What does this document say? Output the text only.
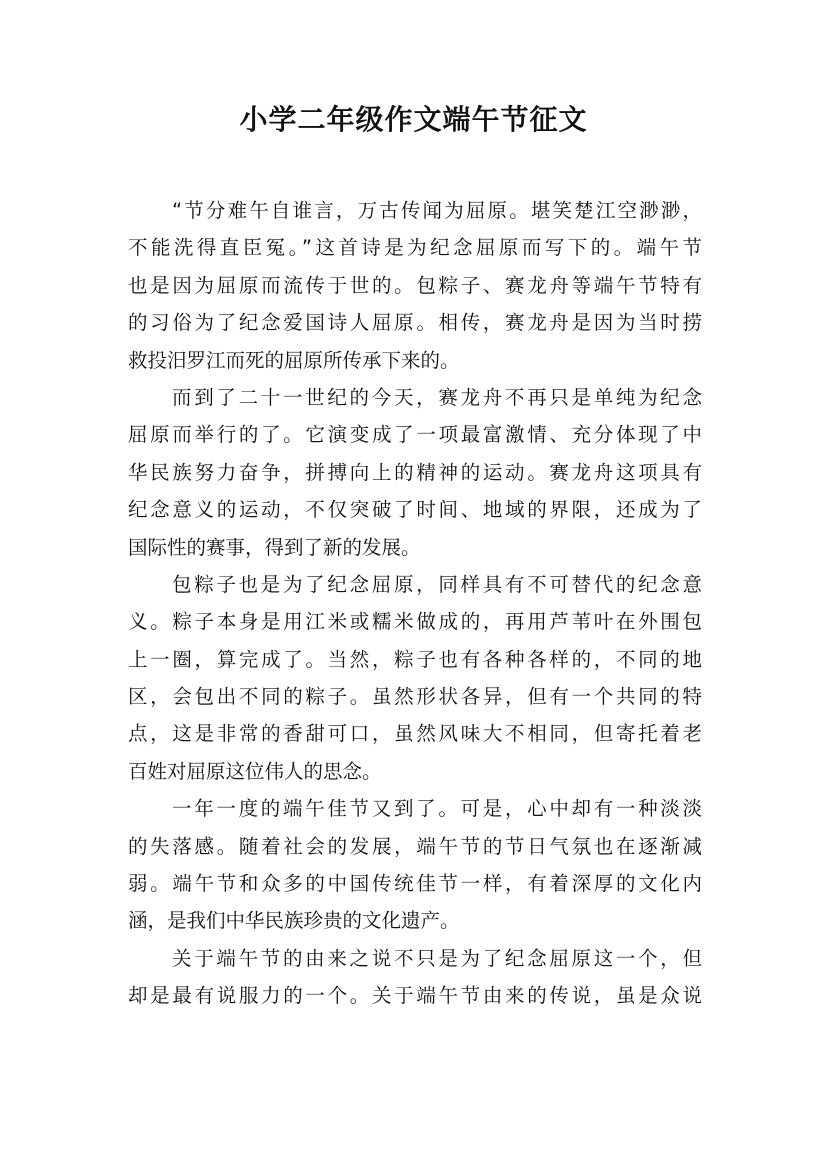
小学二年级作文端午节征文

“节分难午自谁言，万古传闻为屈原。堪笑楚江空渺渺，
不能洗得直臣冤。”这首诗是为纪念屈原而写下的。端午节
也是因为屈原而流传于世的。包粽子、赛龙舟等端午节特有
的习俗为了纪念爱国诗人屈原。相传，赛龙舟是因为当时捞
救投汨罗江而死的屈原所传承下来的。

而到了二十一世纪的今天，赛龙舟不再只是单纯为纪念
屈原而举行的了。它演变成了一项最富激情、充分体现了中
华民族努力奋争，拼搏向上的精神的运动。赛龙舟这项具有
纪念意义的运动，不仅突破了时间、地域的界限，还成为了
国际性的赛事，得到了新的发展。

包粽子也是为了纪念屈原，同样具有不可替代的纪念意
义。粽子本身是用江米或糯米做成的，再用芦苇叶在外围包
上一圈，算完成了。当然，粽子也有各种各样的，不同的地
区，会包出不同的粽子。虽然形状各异，但有一个共同的特
点，这是非常的香甜可口，虽然风味大不相同，但寄托着老
百姓对屈原这位伟人的思念。

一年一度的端午佳节又到了。可是，心中却有一种淡淡
的失落感。随着社会的发展，端午节的节日气氛也在逐渐减
弱。端午节和众多的中国传统佳节一样，有着深厚的文化内
涵，是我们中华民族珍贵的文化遗产。

关于端午节的由来之说不只是为了纪念屈原这一个，但
却是最有说服力的一个。关于端午节由来的传说，虽是众说
